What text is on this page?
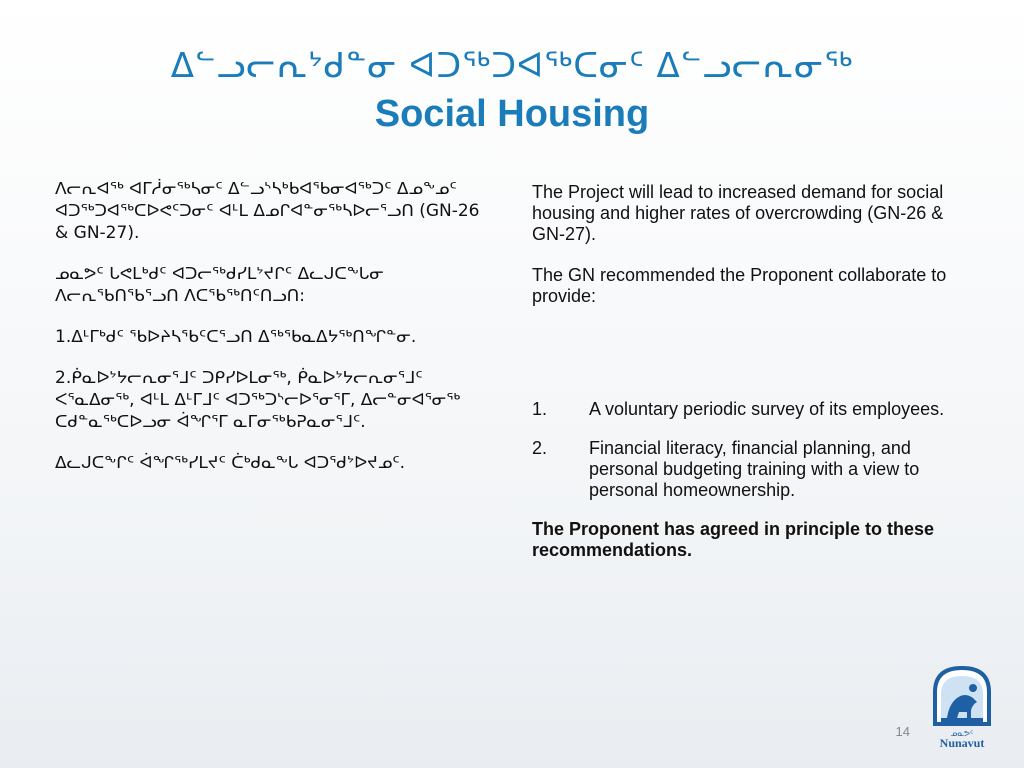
ᐃᓪᓗᓕᕆᔾᑯᓐᓂ ᐊᑐᖅᑐᐊᖅᑕᓂᑦ ᐃᓪᓗᓕᕆᓂᖅ
Social Housing

ᐱᓕᕆᐊᖅ ᐊᒥᓲᓂᖅᓴᓂᑦ ᐃᓪᓗᔅᓴᒃᑲᐊᖃᓂᐊᖅᑐᑦ ᐃᓄᖕᓄᑦ ᐊᑐᖅᑐᐊᖅᑕᐅᕙᑦᑐᓂᑦ ᐊᒻᒪ ᐃᓄᒋᐊᓐᓂᖅᓴᐅᓕᕐᓗᑎ (GN-26 & GN-27).

ᓄᓇᕗᑦ ᒐᕙᒪᒃᑯᑦ ᐊᑐᓕᖅᑯᓯᒪᔾᔪᒋᑦ ᐃᓚᒍᑕᖕᒐᓂ ᐱᓕᕆᖃᑎᖃᕐᓗᑎ ᐱᑕᖃᖅᑎᑦᑎᓗᑎ:

1.ᐃᒻᒥᒃᑯᑦ ᖃᐅᔨᓴᖃᑦᑕᕐᓗᑎ ᐃᖅᖃᓇᐃᔭᖅᑎᖏᓐᓂ.

2.ᑮᓇᐅᔾᔭᓕᕆᓂᕐᒧᑦ ᑐᑭᓯᐅᒪᓂᖅ, ᑮᓇᐅᔾᔭᓕᕆᓂᕐᒧᑦ ᐸᕐᓇᐃᓂᖅ, ᐊᒻᒪ ᐃᒻᒥᒧᑦ ᐊᑐᖅᑐᔅᓕᐅᕐᓂᕐᒥ, ᐃᓕᓐᓂᐊᕐᓂᖅ ᑕᑯᓐᓇᖅᑕᐅᓗᓂ ᐋᖏᕐᒥ ᓇᒥᓂᖅᑲᕈᓇᓂᕐᒧᑦ.

ᐃᓚᒍᑕᖕᒋᑦ ᐋᖏᖅᓯᒪᔪᑦ ᑖᒃᑯᓇᖕᒐ ᐊᑐᕐᑯᔾᐅᔪᓄᑦ.

The Project will lead to increased demand for social housing and higher rates of overcrowding (GN-26 & GN-27).

The GN recommended the Proponent collaborate to provide:

1.	A voluntary periodic survey of its employees.
2.	Financial literacy, financial planning, and personal budgeting training with a view to personal homeownership.

The Proponent has agreed in principle to these recommendations.

14	ᓄᓇᕗᑦ
Nunavut
